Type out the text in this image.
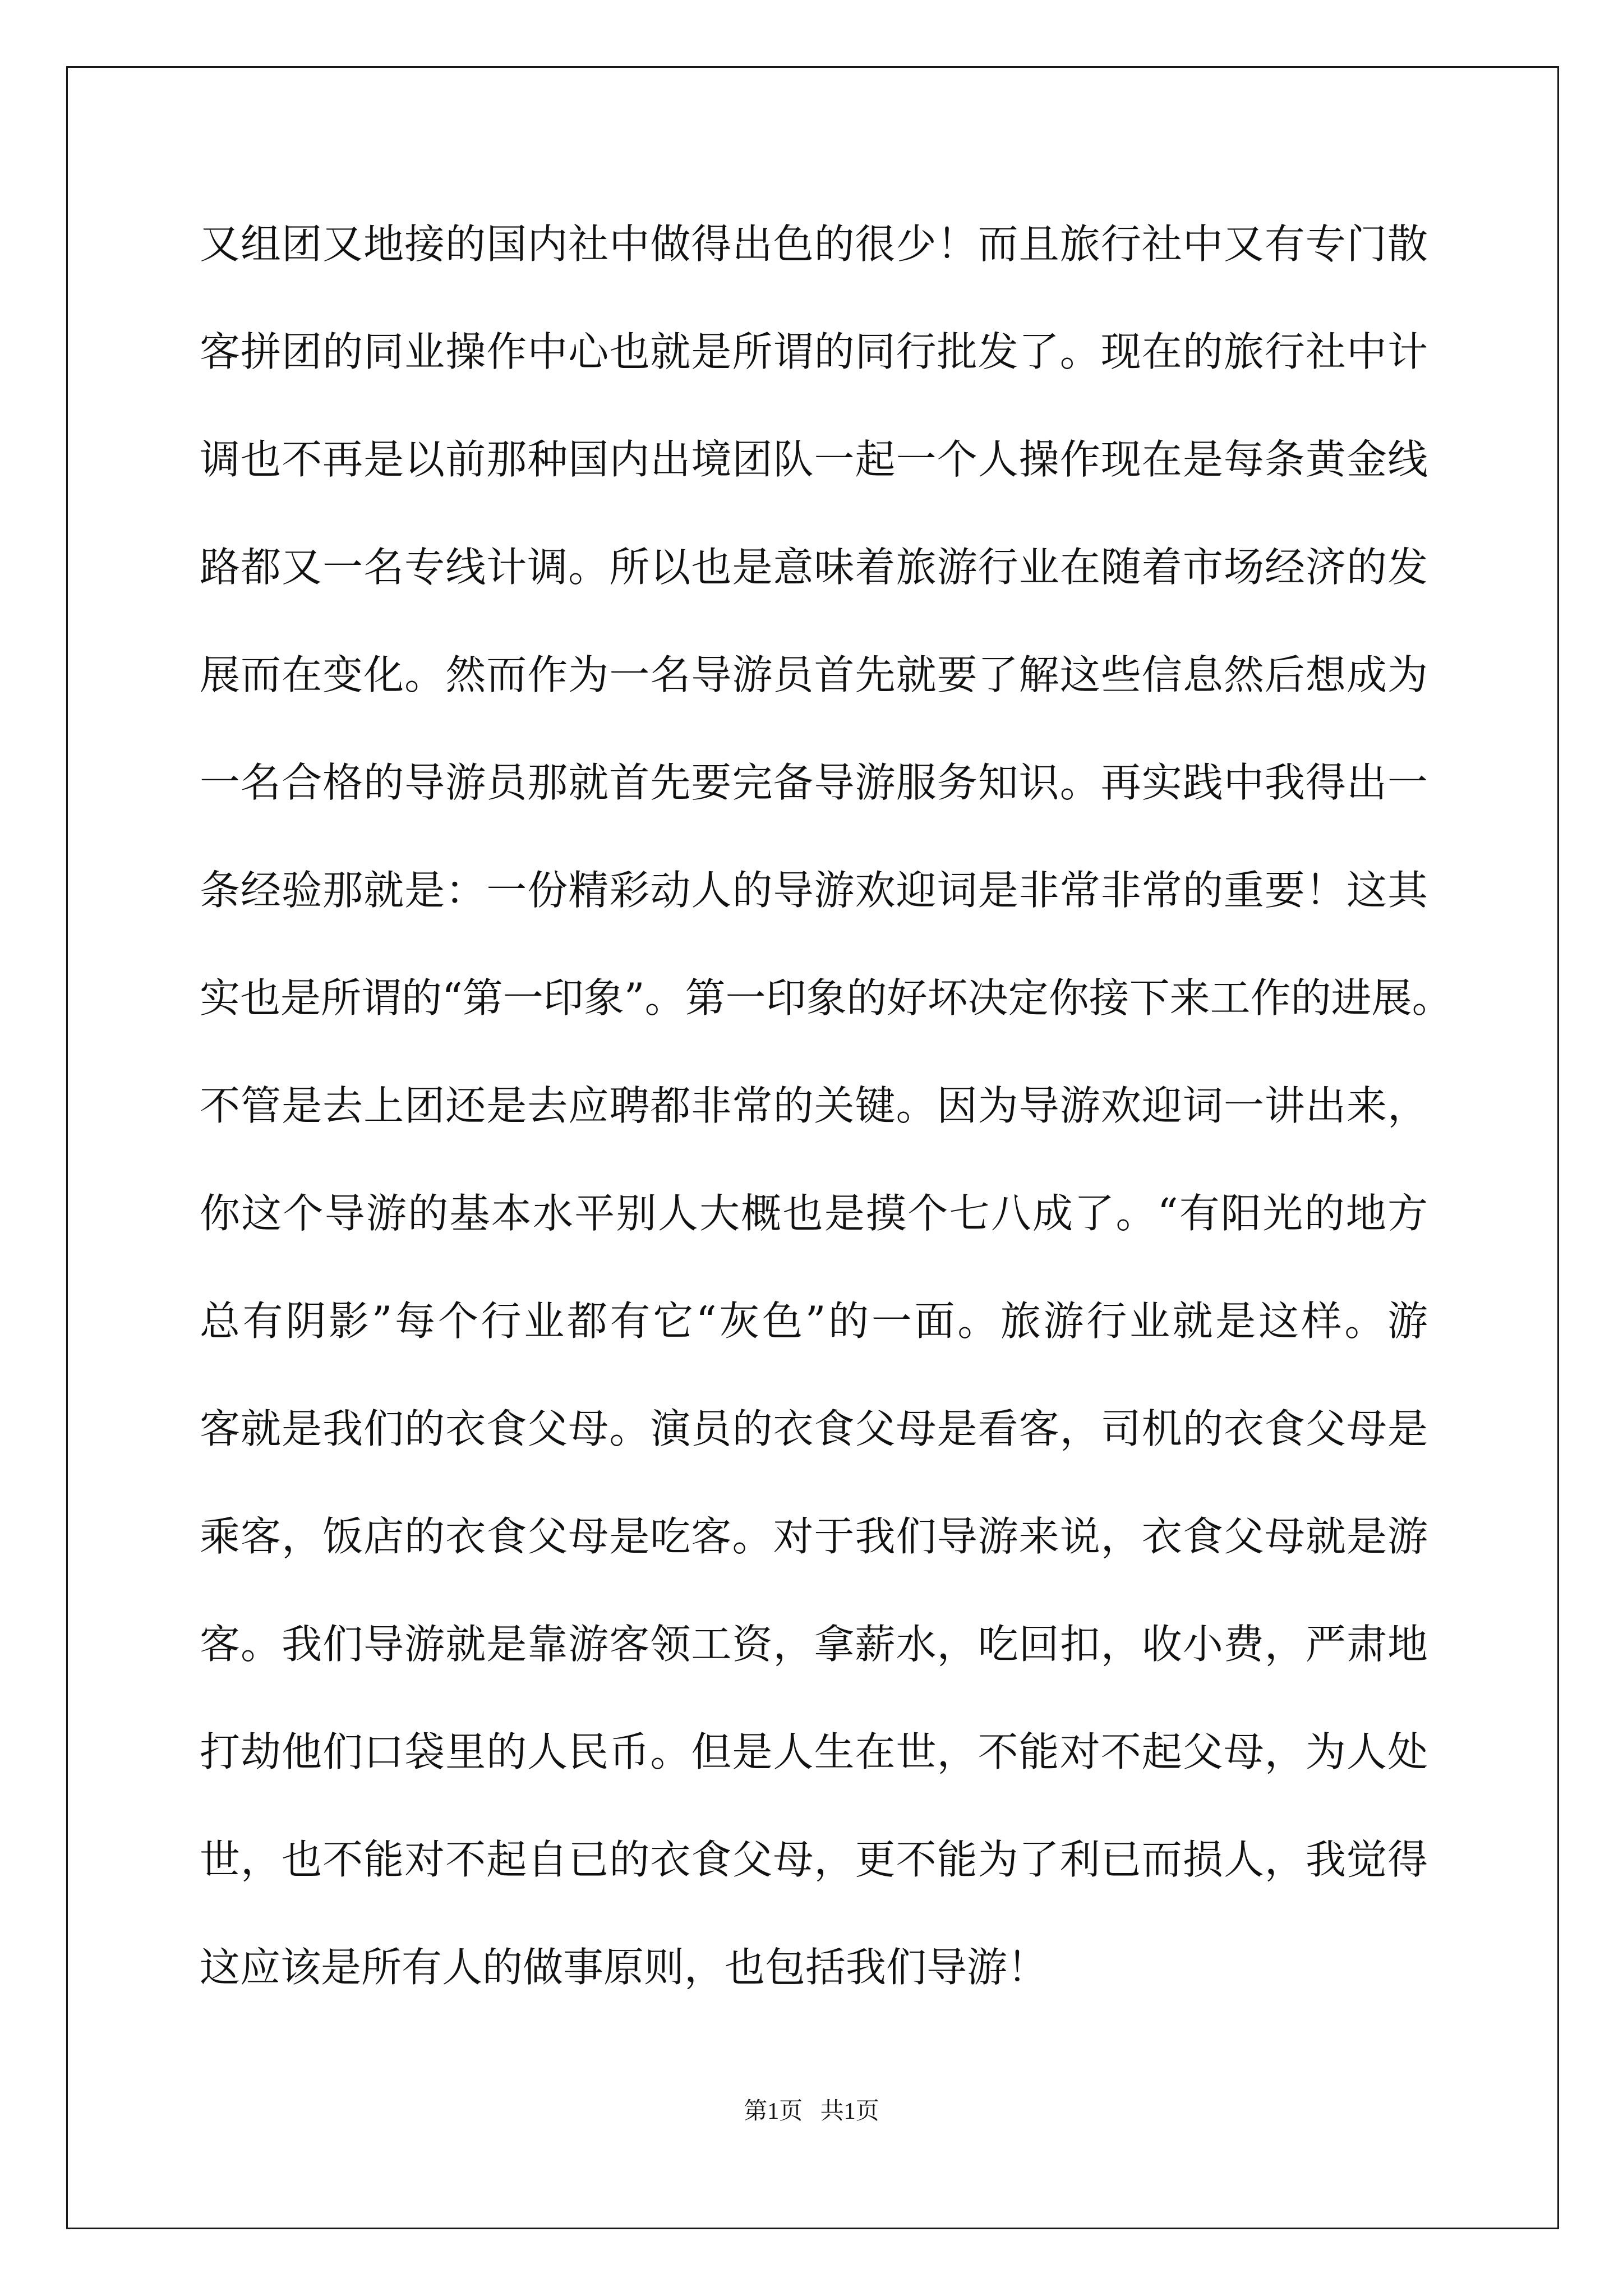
又组团又地接的国内社中做得出色的很少！而且旅行社中又有专门散
客拼团的同业操作中心也就是所谓的同行批发了。现在的旅行社中计
调也不再是以前那种国内出境团队一起一个人操作现在是每条黄金线
路都又一名专线计调。所以也是意味着旅游行业在随着市场经济的发
展而在变化。然而作为一名导游员首先就要了解这些信息然后想成为
一名合格的导游员那就首先要完备导游服务知识。再实践中我得出一
条经验那就是：一份精彩动人的导游欢迎词是非常非常的重要！这其
实也是所谓的“第一印象”。第一印象的好坏决定你接下来工作的进展。
不管是去上团还是去应聘都非常的关键。因为导游欢迎词一讲出来，
你这个导游的基本水平别人大概也是摸个七八成了。“有阳光的地方
总有阴影”每个行业都有它“灰色”的一面。旅游行业就是这样。游
客就是我们的衣食父母。演员的衣食父母是看客，司机的衣食父母是
乘客，饭店的衣食父母是吃客。对于我们导游来说，衣食父母就是游
客。我们导游就是靠游客领工资，拿薪水，吃回扣，收小费，严肃地
打劫他们口袋里的人民币。但是人生在世，不能对不起父母，为人处
世，也不能对不起自已的衣食父母，更不能为了利已而损人，我觉得
这应该是所有人的做事原则，也包括我们导游！
第1页   共1页
